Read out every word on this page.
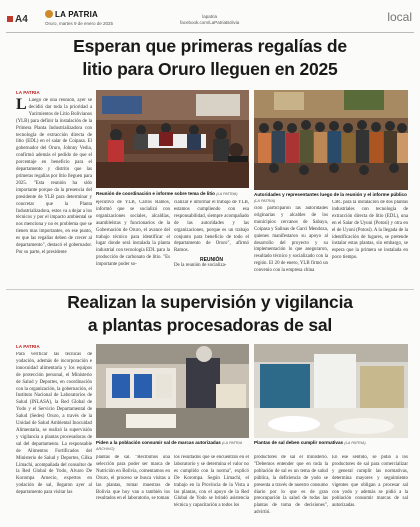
A4	LA PATRIA
Oruro, martes 9 de enero de 2025
lapatria
facebook.com/LaPatriaBolivia	local
Esperan que primeras regalías de
litio para Oruro lleguen en 2025
LA PATRIA

L Luego de una reunión, ayer se decidió dar toda la prioridad a Yacimientos de Litio Bolivianos (YLB) para definir la instalación de la Primera Planta Industrializadora con tecnología de extracción directa de litio (EDL) en el salar de Coipasa. El gobernador del Oruro, Johnny Vedia, confirmó además el pedido de que el porcentaje en beneficio para el departamento y distrito que las primeras regalías por litio lleguen para 2025. "Esta reunión ha sido importante porque da la presencia del presidente de YLB para determinar y concretar que la Planta Industrializadora, estos va a dejar a los técnicos y por el impacto ambiental se nos menciona y no es problema que se tienen mas importantes, en ese punto, es que las regalías deben de crecer al departamento", destacó el gobernador. Por su parte, el presidente

Reunión de coordinación e informe sobre tema de litio (LA PATRIA)
ejecutivo de YLB, Carlos Ramos, informó que se socializó con organizaciones sociales, alcaldías, asambleístas y funcionarios de la Gobernación de Oruro, el avance del trabajo técnico para identificar el lugar donde será instalada la planta industrial con tecnología EDL para la producción de carbonato de litio. "Es importante poder so-

cializar e informar el trabajo de YLB, estamos cumpliendo con esa responsabilidad, siempre acompañado de las autoridades y las organizaciones, porque es un trabajo conjunto para beneficio de todo el departamento de Oruro", afirmó Ramos.

REUNIÓN

De la reunión de socializa-

Autoridades y representantes luego de la reunión y el informe público (LA PATRIA)
ción participaron las autoridades originarias y alcaldes de los municipios cercanos de Sabaya, Coipasa y Salinas de Garci Mendoza, quienes manifestaron su apoyo al desarrollo del proyecto y su implementación lo que aseguraron, resultado técnico y socializado con la región. El 20 de enero, YLB firmó un convenio con la empresa china
CBC para la instalación de dos plantas industriales con tecnología de extracción directa de litio (EDL), una en el Salar de Uyuni (Potosí) y otra en el de Uyuni (Potosí). A la llegada de la identificación de lugares, se pretende instalar estas plantas, sin embargo, se espera que la primera se instalada en poco tiempo.
Realizan la supervisión y vigilancia
a plantas procesadoras de sal
LA PATRIA
Para verificar las técnicas de yodación, además de incorporación e innocuidad alimentaria y los equipos de protección personal, el Ministerio de Salud y Deportes, en coordinación con la organización, la gobernación, el Instituto Nacional de Laboratorios de Salud (INLASA), la Red Global de Yodo y el Servicio Departamental de Salud (Sedes) Oruro, a través de la Unidad de Salud Ambiental Inocuidad Alimentaria, se realizó la supervisión y vigilancia a plantas procesadoras de sal del departamento. La responsable de Alimentos Fortificados del Ministerio de Salud y Deportes, Gilka Limachi, acompañada del consultor de la Red Global de Yodo, Alvaro De Korompa Arnecio, expertos en yodación de sal, llegaron ayer al departamento para visitar las
Piden a la población consumir sal de marcas autorizadas (LA PATRIA ARCHIVO)
plantas de sal. "Recibimos una selección para poder ser marca de Nutrición en Bolivia, comentamos en Oruro, el proceso se busca visitas a las plantas, tomar muestras de Bolivia que hoy van a también los resultados en el laboratorio, se toman
los resultados que se encuentran en el laboratorio y se determina el valor no es cumplido con la norma", explicó De Korompa. Según Limachi, el trabajo en la Provincia de la Vista a las plantas, con el apoyo de la Red Global de Yodo se brindó asistencia técnica y capacitación a todos los
Plantas de sal deben cumplir normativas (LA PATRIA)
productores de sal el ministerio. "Debemos entender que en toda la población de sal es un tema de salud pública, la deficiencia de yodo se presenta a través de nuestro consumo diario por lo que es de gran preocupación la salud de todas las plantas de toma de decisiones", advirtió.
En ese sentido, se pidió a los productores de sal para comercializar y general cumplir las normativas, determina mayores y seguimiento vigentes que obligan a procesar sal con yodo y además se pidió a la población consumir marcas de sal autorizadas.
